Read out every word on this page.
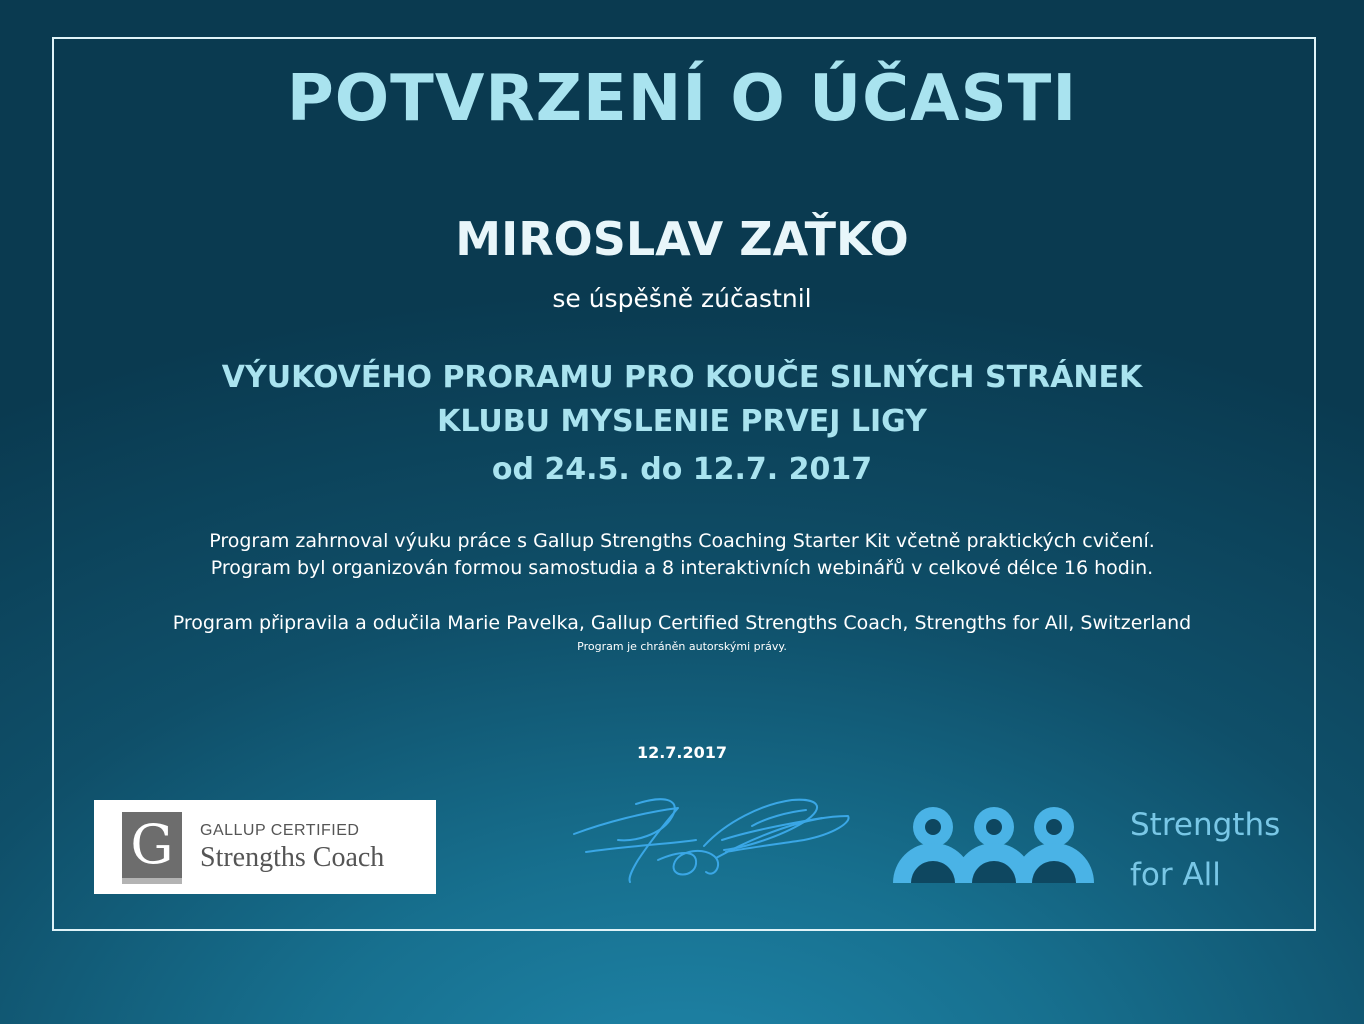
POTVRZENÍ O ÚČASTI
MIROSLAV ZAŤKO
se úspěšně zúčastnil
VÝUKOVÉHO PRORAMU PRO KOUČE SILNÝCH STRÁNEK
KLUBU MYSLENIE PRVEJ LIGY
od 24.5. do 12.7. 2017
Program zahrnoval výuku práce s Gallup Strengths Coaching Starter Kit včetně praktických cvičení.
Program byl organizován formou samostudia a 8 interaktivních webinářů v celkové délce 16 hodin.
Program připravila a odučila Marie Pavelka, Gallup Certified Strengths Coach, Strengths for All, Switzerland
Program je chráněn autorskými právy.
12.7.2017
G	GALLUP CERTIFIED
Strengths Coach
Strengths
for All
